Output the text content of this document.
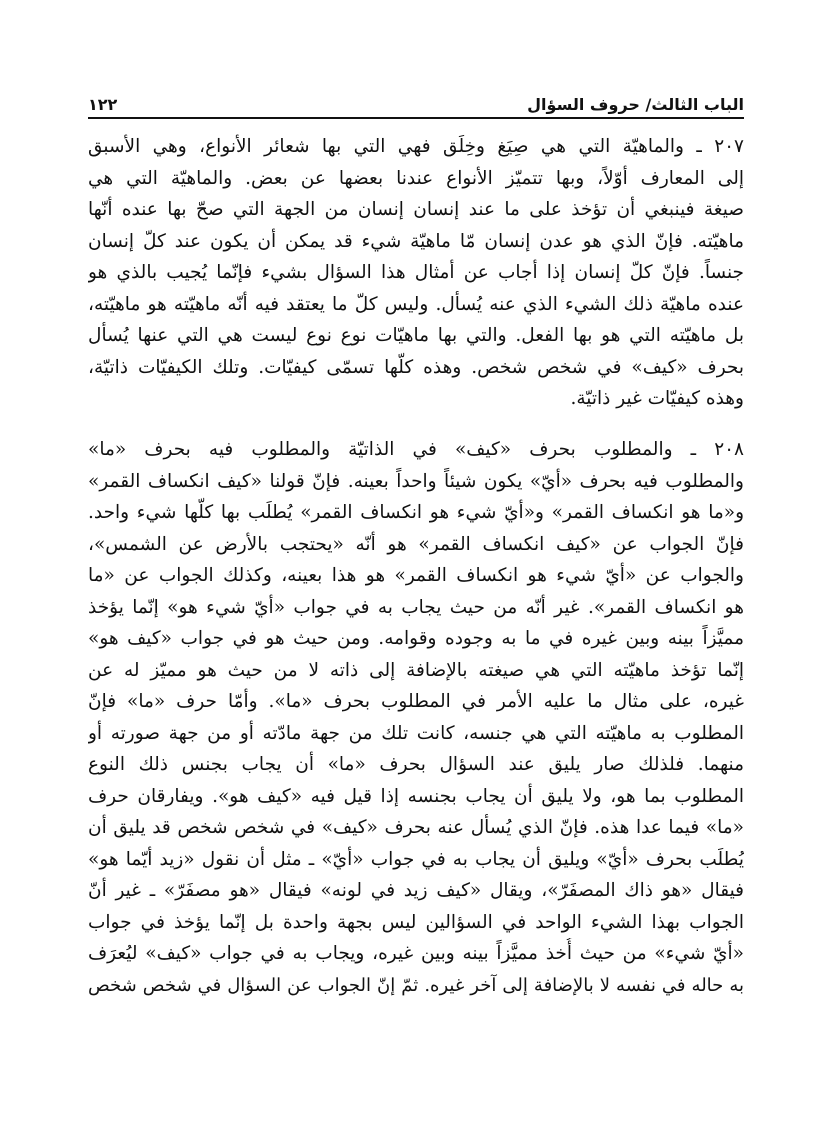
الباب الثالث/ حروف السؤال
١٢٢

٢٠٧ ـ والماهيّة التي هي صِيَغ وخِلَق فهي التي بها شعائر الأنواع، وهي الأسبق
إلى المعارف أوّلاً، وبها تتميّز الأنواع عندنا بعضها عن بعض. والماهيّة التي هي
صيغة فينبغي أن تؤخذ على ما عند إنسان إنسان من الجهة التي صحّ بها عنده أنّها
ماهيّته. فإنّ الذي هو عدن إنسان مّا ماهيّة شيء قد يمكن أن يكون عند كلّ إنسان
جنساً. فإنّ كلّ إنسان إذا أجاب عن أمثال هذا السؤال بشيء فإنّما يُجيب بالذي هو
عنده ماهيّة ذلك الشيء الذي عنه يُسأل. وليس كلّ ما يعتقد فيه أنّه ماهيّته هو ماهيّته،
بل ماهيّته التي هو بها الفعل. والتي بها ماهيّات نوع نوع ليست هي التي عنها يُسأل
بحرف «كيف» في شخص شخص. وهذه كلّها تسمّى كيفيّات. وتلك الكيفيّات ذاتيّة،
وهذه كيفيّات غير ذاتيّة.

٢٠٨ ـ والمطلوب بحرف «كيف» في الذاتيّة والمطلوب فيه بحرف «ما»
والمطلوب فيه بحرف «أيّ» يكون شيئاً واحداً بعينه. فإنّ قولنا «كيف انكساف القمر»
و«ما هو انكساف القمر» و«أيّ شيء هو انكساف القمر» يُطلَب بها كلّها شيء واحد.
فإنّ الجواب عن «كيف انكساف القمر» هو أنّه «يحتجب بالأرض عن الشمس»،
والجواب عن «أيّ شيء هو انكساف القمر» هو هذا بعينه، وكذلك الجواب عن «ما
هو انكساف القمر». غير أنّه من حيث يجاب به في جواب «أيّ شيء هو» إنّما يؤخذ
مميَّزاً بينه وبين غيره في ما به وجوده وقوامه. ومن حيث هو في جواب «كيف هو»
إنّما تؤخذ ماهيّته التي هي صيغته بالإضافة إلى ذاته لا من حيث هو مميّز له عن
غيره، على مثال ما عليه الأمر في المطلوب بحرف «ما». وأمّا حرف «ما» فإنّ
المطلوب به ماهيّته التي هي جنسه، كانت تلك من جهة مادّته أو من جهة صورته أو
منهما. فلذلك صار يليق عند السؤال بحرف «ما» أن يجاب بجنس ذلك النوع
المطلوب بما هو، ولا يليق أن يجاب بجنسه إذا قيل فيه «كيف هو». ويفارقان حرف
«ما» فيما عدا هذه. فإنّ الذي يُسأل عنه بحرف «كيف» في شخص شخص قد يليق أن
يُطلَب بحرف «أيّ» ويليق أن يجاب به في جواب «أيّ» ـ مثل أن نقول «زيد أيّما هو»
فيقال «هو ذاك المصفَرّ»، ويقال «كيف زيد في لونه» فيقال «هو مصفَرّ» ـ غير أنّ
الجواب بهذا الشيء الواحد في السؤالين ليس بجهة واحدة بل إنّما يؤخذ في جواب
«أيّ شيء» من حيث أُخذ مميَّزاً بينه وبين غيره، ويجاب به في جواب «كيف» ليُعرَف
به حاله في نفسه لا بالإضافة إلى آخر غيره. ثمّ إنّ الجواب عن السؤال في شخص شخص
